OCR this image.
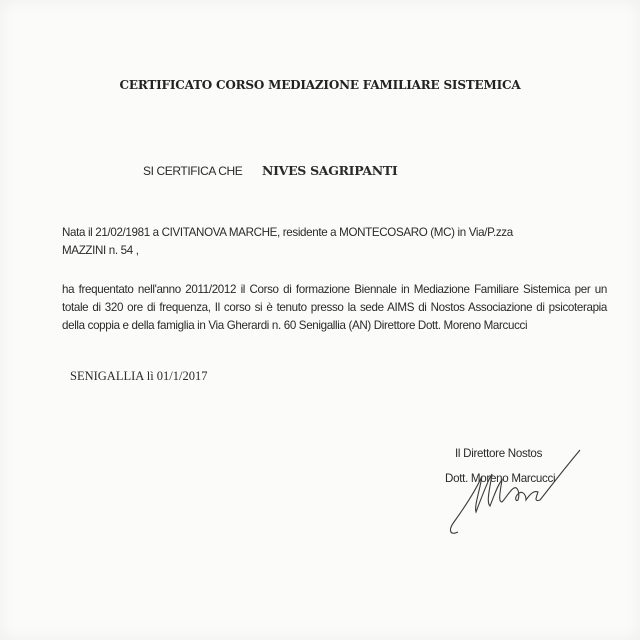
CERTIFICATO CORSO MEDIAZIONE FAMILIARE SISTEMICA
SI CERTIFICA CHE NIVES SAGRIPANTI
Nata il 21/02/1981 a CIVITANOVA MARCHE, residente a MONTECOSARO (MC) in Via/P.zza
MAZZINI n. 54 ,
ha frequentato nell'anno 2011/2012 il Corso di formazione Biennale in Mediazione Familiare Sistemica per un totale di 320 ore di frequenza, Il corso si è tenuto presso la sede AIMS di Nostos Associazione di psicoterapia della coppia e della famiglia in Via Gherardi n. 60 Senigallia (AN) Direttore Dott. Moreno Marcucci
SENIGALLIA lì 01/1/2017
Il Direttore Nostos
Dott. Moreno Marcucci
